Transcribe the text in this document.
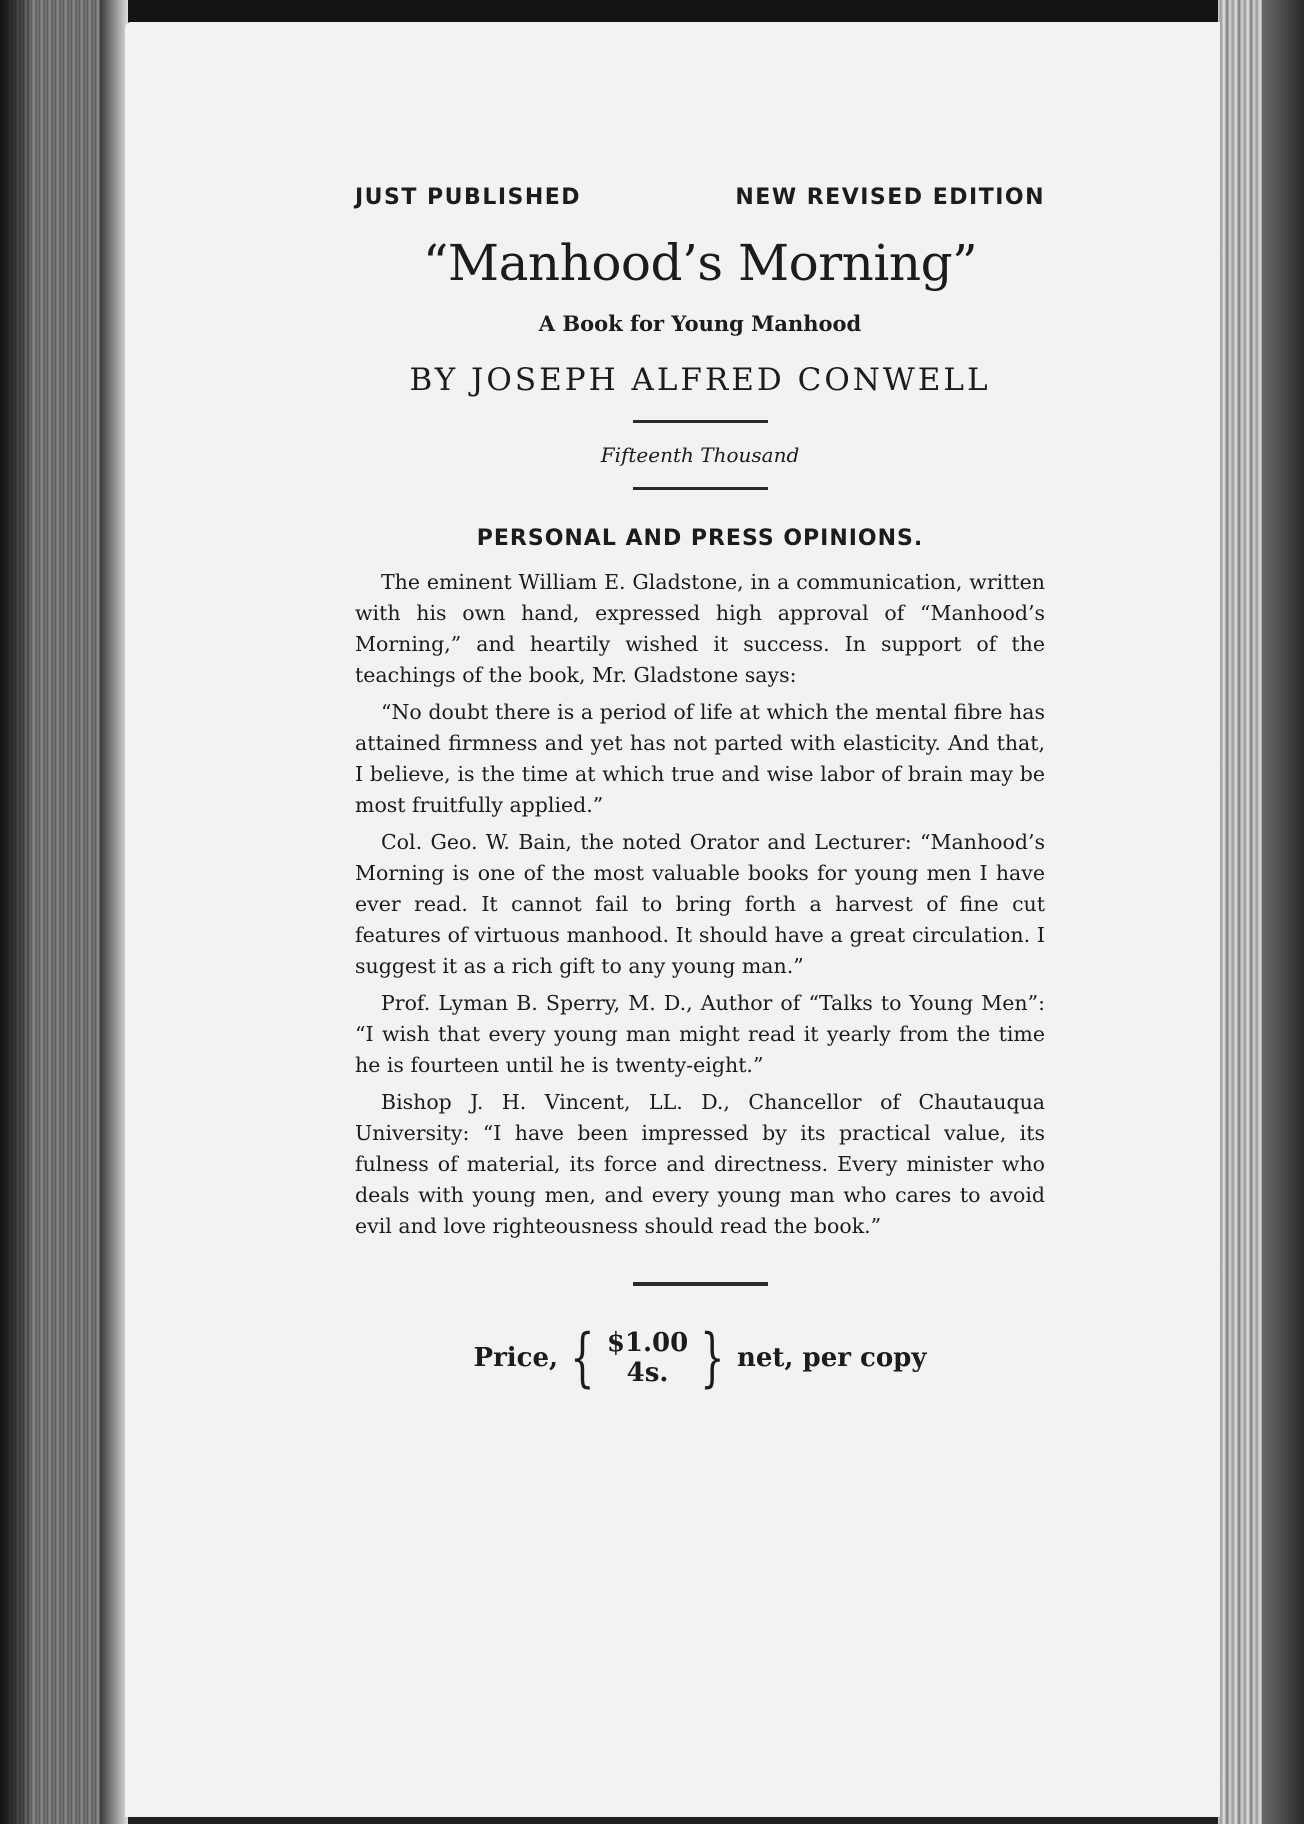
JUST PUBLISHED	NEW REVISED EDITION
“Manhood’s Morning”
A Book for Young Manhood
BY JOSEPH ALFRED CONWELL
Fifteenth Thousand
PERSONAL AND PRESS OPINIONS.

The eminent William E. Gladstone, in a communication, written with his own hand, expressed high approval of “Manhood’s Morning,” and heartily wished it success. In support of the teachings of the book, Mr. Gladstone says:

“No doubt there is a period of life at which the mental fibre has attained firmness and yet has not parted with elasticity. And that, I believe, is the time at which true and wise labor of brain may be most fruitfully applied.”

Col. Geo. W. Bain, the noted Orator and Lecturer: “Manhood’s Morning is one of the most valuable books for young men I have ever read. It cannot fail to bring forth a harvest of fine cut features of virtuous manhood. It should have a great circulation. I suggest it as a rich gift to any young man.”

Prof. Lyman B. Sperry, M. D., Author of “Talks to Young Men”: “I wish that every young man might read it yearly from the time he is fourteen until he is twenty-eight.”

Bishop J. H. Vincent, LL. D., Chancellor of Chautauqua University: “I have been impressed by its practical value, its fulness of material, its force and directness. Every minister who deals with young men, and every young man who cares to avoid evil and love righteousness should read the book.”

Price, { $1.00
4s. } net, per copy
